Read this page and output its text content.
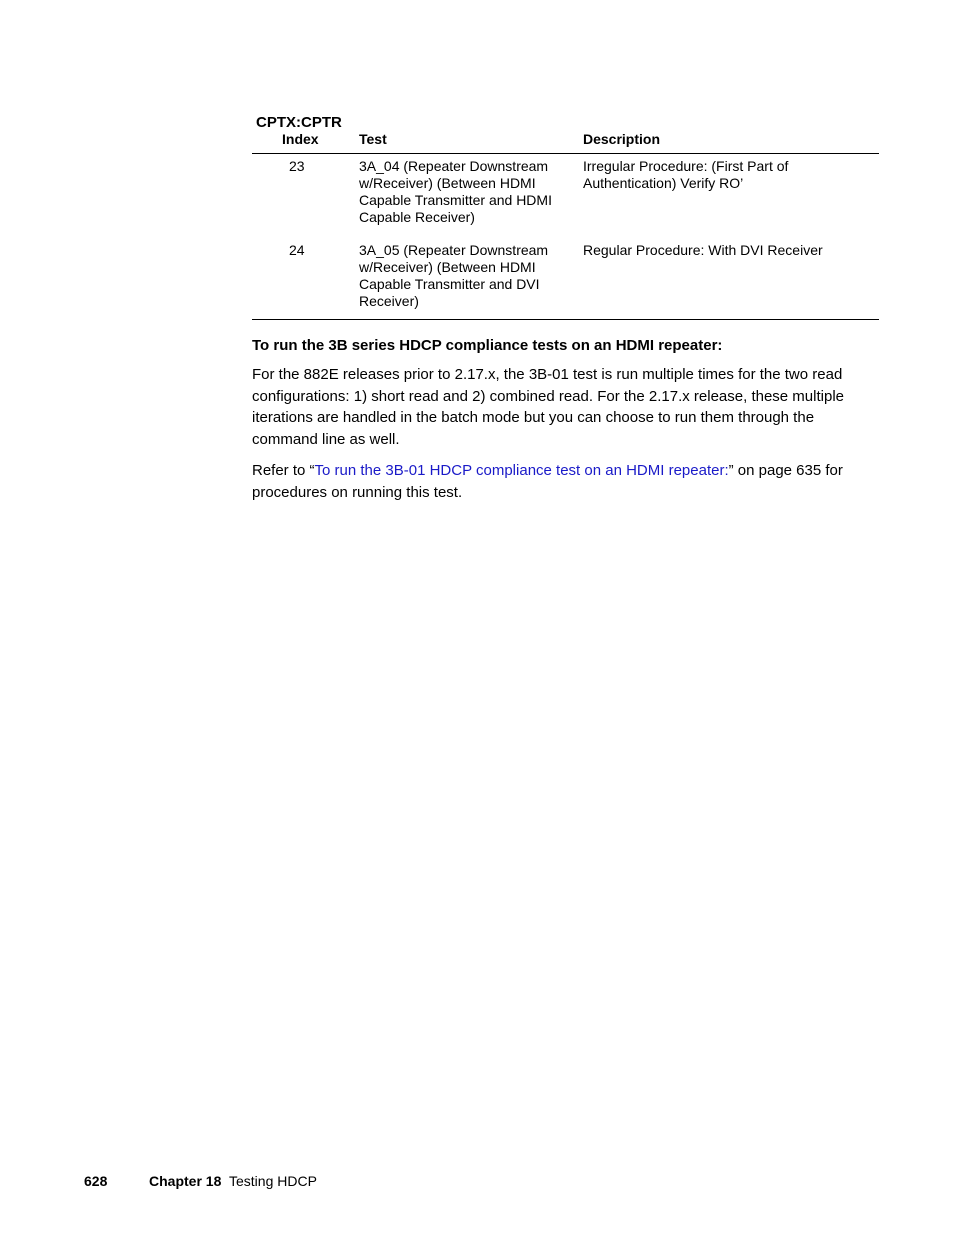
CPTX:CPTR
Index	Test	Description
23	3A_04 (Repeater Downstream w/Receiver) (Between HDMI Capable Transmitter and HDMI Capable Receiver)	Irregular Procedure: (First Part of Authentication) Verify RO’
24	3A_05 (Repeater Downstream w/Receiver) (Between HDMI Capable Transmitter and DVI Receiver)	Regular Procedure: With DVI Receiver
To run the 3B series HDCP compliance tests on an HDMI repeater:

For the 882E releases prior to 2.17.x, the 3B-01 test is run multiple times for the two read configurations: 1) short read and 2) combined read. For the 2.17.x release, these multiple iterations are handled in the batch mode but you can choose to run them through the command line as well.

Refer to “To run the 3B-01 HDCP compliance test on an HDMI repeater:” on page 635 for procedures on running this test.

628	Chapter 18 Testing HDCP
